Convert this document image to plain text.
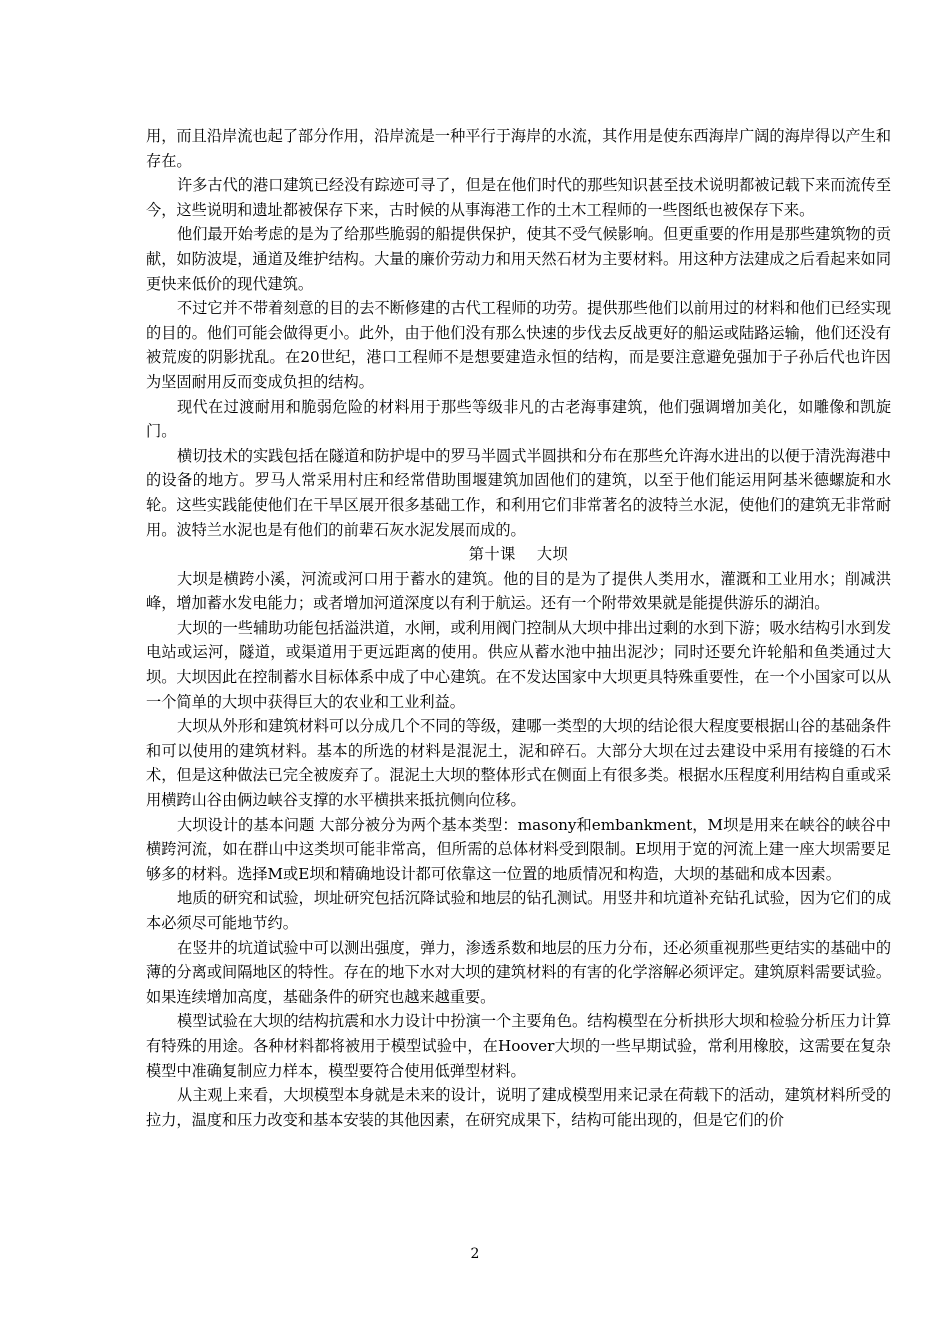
用，而且沿岸流也起了部分作用，沿岸流是一种平行于海岸的水流，其作用是使东西海岸广阔的海岸得以产生和存在。

许多古代的港口建筑已经没有踪迹可寻了，但是在他们时代的那些知识甚至技术说明都被记载下来而流传至今，这些说明和遗址都被保存下来，古时候的从事海港工作的土木工程师的一些图纸也被保存下来。

他们最开始考虑的是为了给那些脆弱的船提供保护，使其不受气候影响。但更重要的作用是那些建筑物的贡献，如防波堤，通道及维护结构。大量的廉价劳动力和用天然石材为主要材料。用这种方法建成之后看起来如同更快来低价的现代建筑。

不过它并不带着刻意的目的去不断修建的古代工程师的功劳。提供那些他们以前用过的材料和他们已经实现的目的。他们可能会做得更小。此外，由于他们没有那么快速的步伐去反战更好的船运或陆路运输，他们还没有被荒废的阴影扰乱。在20世纪，港口工程师不是想要建造永恒的结构，而是要注意避免强加于子孙后代也许因为坚固耐用反而变成负担的结构。

现代在过渡耐用和脆弱危险的材料用于那些等级非凡的古老海事建筑，他们强调增加美化，如雕像和凯旋门。

横切技术的实践包括在隧道和防护堤中的罗马半圆式半圆拱和分布在那些允许海水进出的以便于清洗海港中的设备的地方。罗马人常采用村庄和经常借助围堰建筑加固他们的建筑，以至于他们能运用阿基米德螺旋和水轮。这些实践能使他们在干旱区展开很多基础工作，和利用它们非常著名的波特兰水泥，使他们的建筑无非常耐用。波特兰水泥也是有他们的前辈石灰水泥发展而成的。

第十课　 大坝

大坝是横跨小溪，河流或河口用于蓄水的建筑。他的目的是为了提供人类用水，灌溉和工业用水；削减洪峰，增加蓄水发电能力；或者增加河道深度以有利于航运。还有一个附带效果就是能提供游乐的湖泊。

大坝的一些辅助功能包括溢洪道，水闸，或利用阀门控制从大坝中排出过剩的水到下游；吸水结构引水到发电站或运河，隧道，或渠道用于更远距离的使用。供应从蓄水池中抽出泥沙；同时还要允许轮船和鱼类通过大坝。大坝因此在控制蓄水目标体系中成了中心建筑。在不发达国家中大坝更具特殊重要性，在一个小国家可以从一个简单的大坝中获得巨大的农业和工业利益。

大坝从外形和建筑材料可以分成几个不同的等级，建哪一类型的大坝的结论很大程度要根据山谷的基础条件和可以使用的建筑材料。基本的所选的材料是混泥土，泥和碎石。大部分大坝在过去建设中采用有接缝的石木术，但是这种做法已完全被废弃了。混泥土大坝的整体形式在侧面上有很多类。根据水压程度利用结构自重或采用横跨山谷由俩边峡谷支撑的水平横拱来抵抗侧向位移。

大坝设计的基本问题 大部分被分为两个基本类型：masony和embankment，M坝是用来在峡谷的峡谷中横跨河流，如在群山中这类坝可能非常高，但所需的总体材料受到限制。E坝用于宽的河流上建一座大坝需要足够多的材料。选择M或E坝和精确地设计都可依靠这一位置的地质情况和构造，大坝的基础和成本因素。

地质的研究和试验，坝址研究包括沉降试验和地层的钻孔测试。用竖井和坑道补充钻孔试验，因为它们的成本必须尽可能地节约。

在竖井的坑道试验中可以测出强度，弹力，渗透系数和地层的压力分布，还必须重视那些更结实的基础中的薄的分离或间隔地区的特性。存在的地下水对大坝的建筑材料的有害的化学溶解必须评定。建筑原料需要试验。如果连续增加高度，基础条件的研究也越来越重要。

模型试验在大坝的结构抗震和水力设计中扮演一个主要角色。结构模型在分析拱形大坝和检验分析压力计算有特殊的用途。各种材料都将被用于模型试验中，在Hoover大坝的一些早期试验，常利用橡胶，这需要在复杂模型中准确复制应力样本，模型要符合使用低弹型材料。

从主观上来看，大坝模型本身就是未来的设计，说明了建成模型用来记录在荷载下的活动，建筑材料所受的拉力，温度和压力改变和基本安装的其他因素，在研究成果下，结构可能出现的，但是它们的价

2
